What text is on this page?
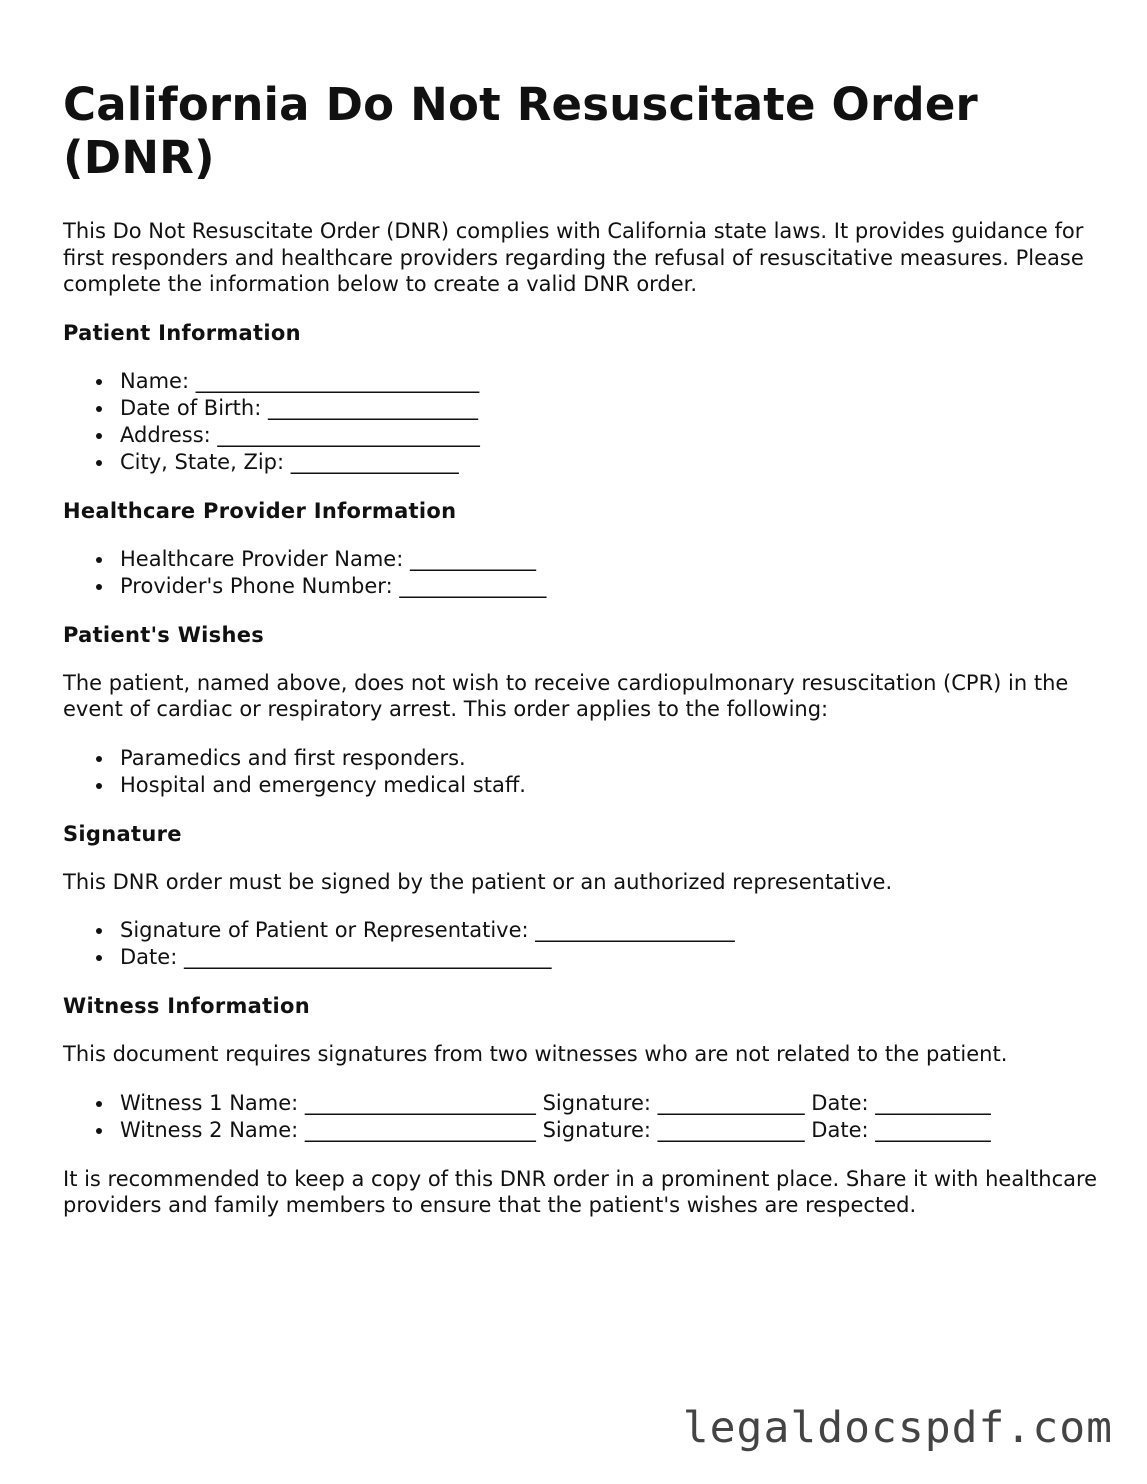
California Do Not Resuscitate Order (DNR)

This Do Not Resuscitate Order (DNR) complies with California state laws. It provides guidance for first responders and healthcare providers regarding the refusal of resuscitative measures. Please complete the information below to create a valid DNR order.

Patient Information
Name: ___________________________
Date of Birth: ____________________
Address: _________________________
City, State, Zip: ________________
Healthcare Provider Information
Healthcare Provider Name: ____________
Provider's Phone Number: ______________
Patient's Wishes

The patient, named above, does not wish to receive cardiopulmonary resuscitation (CPR) in the event of cardiac or respiratory arrest. This order applies to the following:

Paramedics and first responders.
Hospital and emergency medical staff.
Signature

This DNR order must be signed by the patient or an authorized representative.

Signature of Patient or Representative: ___________________
Date: ___________________________________
Witness Information

This document requires signatures from two witnesses who are not related to the patient.

Witness 1 Name: ______________________ Signature: ______________ Date: ___________
Witness 2 Name: ______________________ Signature: ______________ Date: ___________

It is recommended to keep a copy of this DNR order in a prominent place. Share it with healthcare providers and family members to ensure that the patient's wishes are respected.

legaldocspdf.com
